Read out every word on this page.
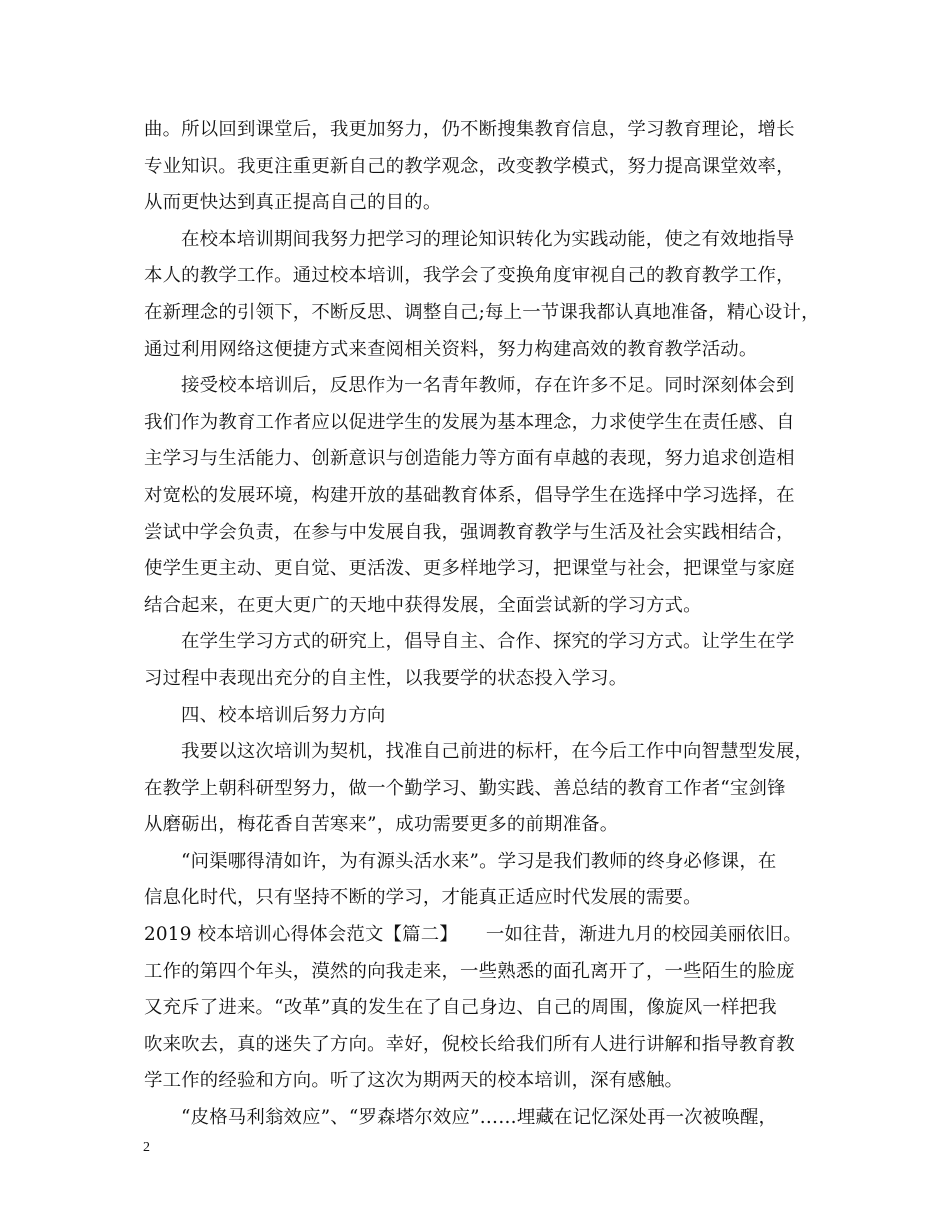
曲。所以回到课堂后，我更加努力，仍不断搜集教育信息，学习教育理论，增长
专业知识。我更注重更新自己的教学观念，改变教学模式，努力提高课堂效率，
从而更快达到真正提高自己的目的。
在校本培训期间我努力把学习的理论知识转化为实践动能，使之有效地指导
本人的教学工作。通过校本培训，我学会了变换角度审视自己的教育教学工作，
在新理念的引领下，不断反思、调整自己;每上一节课我都认真地准备，精心设计，
通过利用网络这便捷方式来查阅相关资料，努力构建高效的教育教学活动。
接受校本培训后，反思作为一名青年教师，存在许多不足。同时深刻体会到
我们作为教育工作者应以促进学生的发展为基本理念，力求使学生在责任感、自
主学习与生活能力、创新意识与创造能力等方面有卓越的表现，努力追求创造相
对宽松的发展环境，构建开放的基础教育体系，倡导学生在选择中学习选择，在
尝试中学会负责，在参与中发展自我，强调教育教学与生活及社会实践相结合，
使学生更主动、更自觉、更活泼、更多样地学习，把课堂与社会，把课堂与家庭
结合起来，在更大更广的天地中获得发展，全面尝试新的学习方式。
在学生学习方式的研究上，倡导自主、合作、探究的学习方式。让学生在学
习过程中表现出充分的自主性，以我要学的状态投入学习。
四、校本培训后努力方向
我要以这次培训为契机，找准自己前进的标杆，在今后工作中向智慧型发展，
在教学上朝科研型努力，做一个勤学习、勤实践、善总结的教育工作者“宝剑锋
从磨砺出，梅花香自苦寒来”，成功需要更多的前期准备。
“问渠哪得清如许，为有源头活水来”。学习是我们教师的终身必修课，在
信息化时代，只有坚持不断的学习，才能真正适应时代发展的需要。
2019 校本培训心得体会范文【篇二】　　一如往昔，渐进九月的校园美丽依旧。
工作的第四个年头，漠然的向我走来，一些熟悉的面孔离开了，一些陌生的脸庞
又充斥了进来。“改革”真的发生在了自己身边、自己的周围，像旋风一样把我
吹来吹去，真的迷失了方向。幸好，倪校长给我们所有人进行讲解和指导教育教
学工作的经验和方向。听了这次为期两天的校本培训，深有感触。
“皮格马利翁效应”、“罗森塔尔效应”……埋藏在记忆深处再一次被唤醒，
2
